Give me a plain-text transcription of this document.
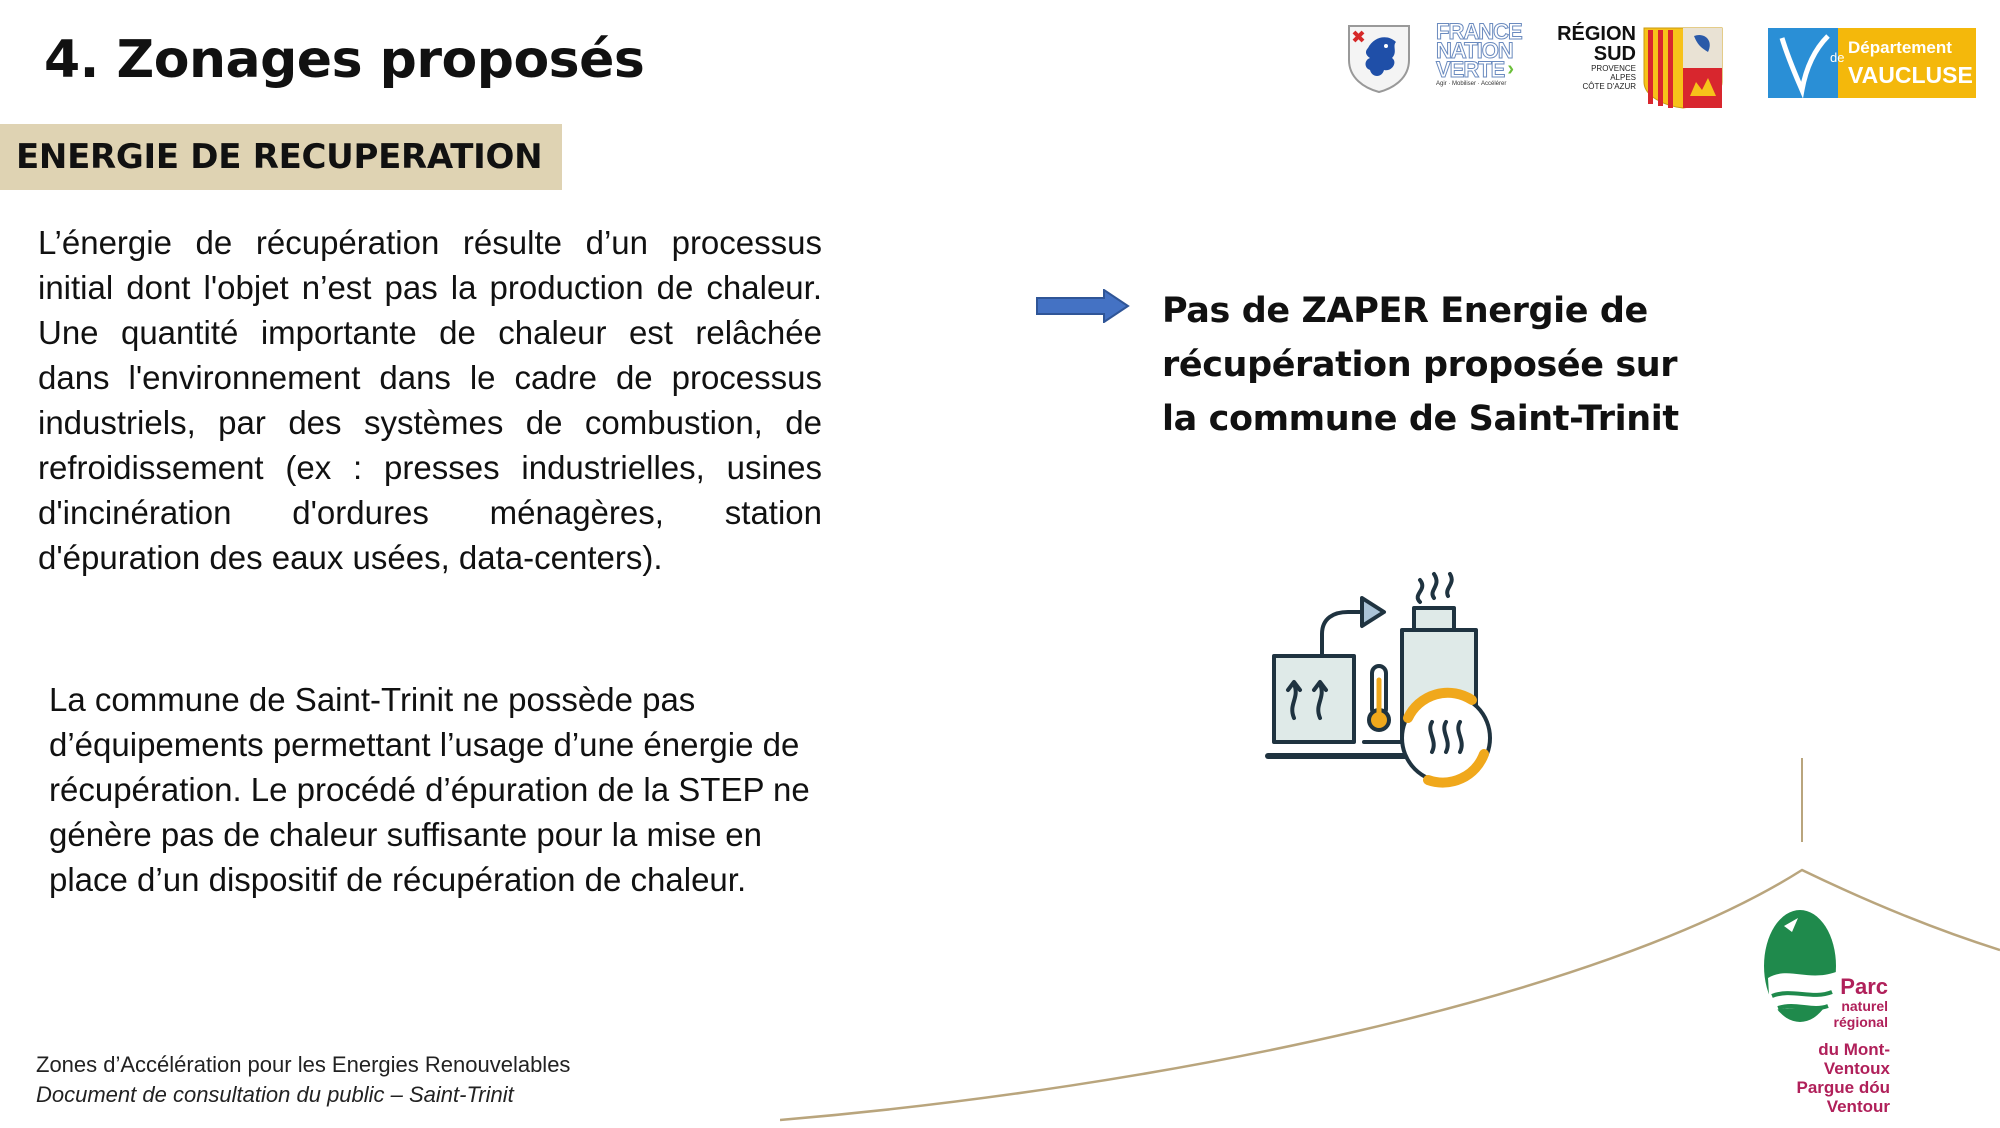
4. Zonages proposés
ENERGIE DE RECUPERATION

L’énergie de récupération résulte d’un processus initial dont l'objet n’est pas la production de chaleur. Une quantité importante de chaleur est relâchée dans l'environnement dans le cadre de processus industriels, par des systèmes de combustion, de refroidissement (ex : presses industrielles, usines d'incinération d'ordures ménagères, station d'épuration des eaux usées, data-centers).

La commune de Saint-Trinit ne possède pas d’équipements permettant l’usage d’une énergie de récupération. Le procédé d’épuration de la STEP ne génère pas de chaleur suffisante pour la mise en place d’un dispositif de récupération de chaleur.

Pas de ZAPER Energie de récupération proposée sur la commune de Saint-Trinit

Zones d’Accélération pour les Energies Renouvelables

Document de consultation du public – Saint-Trinit

FRANCE
NATION
VERTE ›
Agir · Mobiliser · Accélérer
RÉGION
SUD
PROVENCE
ALPES
CÔTE D'AZUR
de
Département
VAUCLUSE
Parc
naturel
régional
du Mont-Ventoux
Pargue dóu Ventour
